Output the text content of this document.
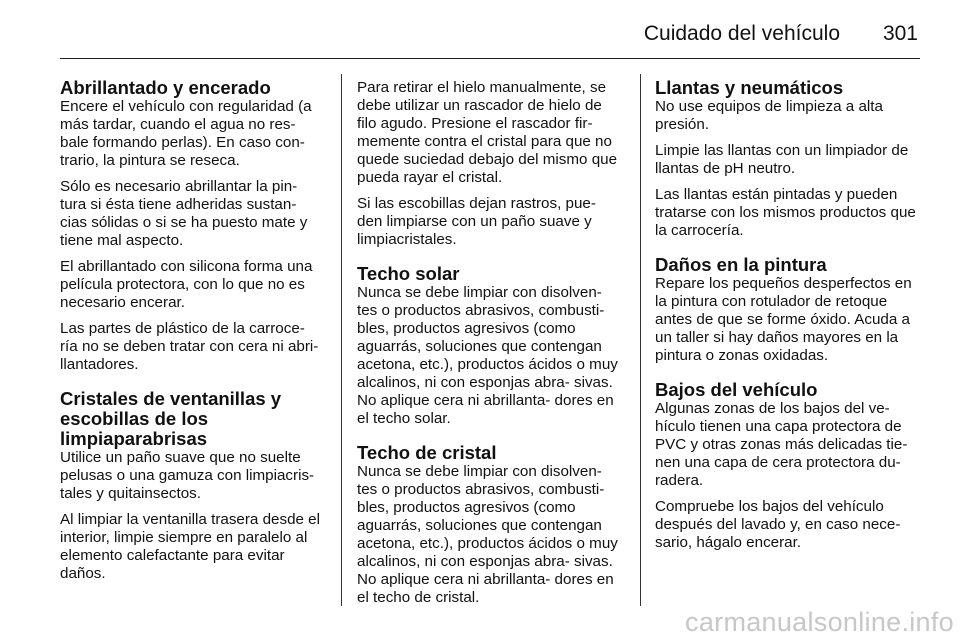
Cuidado del vehículo 301
Abrillantado y encerado

Encere el vehículo con regularidad (a más tardar, cuando el agua no res- bale formando perlas). En caso con- trario, la pintura se reseca.

Sólo es necesario abrillantar la pin- tura si ésta tiene adheridas sustan- cias sólidas o si se ha puesto mate y tiene mal aspecto.

El abrillantado con silicona forma una película protectora, con lo que no es necesario encerar.

Las partes de plástico de la carroce- ría no se deben tratar con cera ni abri- llantadores.

Cristales de ventanillas y escobillas de los limpiaparabrisas

Utilice un paño suave que no suelte pelusas o una gamuza con limpiacris- tales y quitainsectos.

Al limpiar la ventanilla trasera desde el interior, limpie siempre en paralelo al elemento calefactante para evitar daños.

Para retirar el hielo manualmente, se debe utilizar un rascador de hielo de filo agudo. Presione el rascador fir- memente contra el cristal para que no quede suciedad debajo del mismo que pueda rayar el cristal.

Si las escobillas dejan rastros, pue- den limpiarse con un paño suave y limpiacristales.

Techo solar

Nunca se debe limpiar con disolven- tes o productos abrasivos, combusti- bles, productos agresivos (como aguarrás, soluciones que contengan acetona, etc.), productos ácidos o muy alcalinos, ni con esponjas abra- sivas. No aplique cera ni abrillanta- dores en el techo solar.

Techo de cristal

Nunca se debe limpiar con disolven- tes o productos abrasivos, combusti- bles, productos agresivos (como aguarrás, soluciones que contengan acetona, etc.), productos ácidos o muy alcalinos, ni con esponjas abra- sivas. No aplique cera ni abrillanta- dores en el techo de cristal.

Llantas y neumáticos

No use equipos de limpieza a alta presión.

Limpie las llantas con un limpiador de llantas de pH neutro.

Las llantas están pintadas y pueden tratarse con los mismos productos que la carrocería.

Daños en la pintura

Repare los pequeños desperfectos en la pintura con rotulador de retoque antes de que se forme óxido. Acuda a un taller si hay daños mayores en la pintura o zonas oxidadas.

Bajos del vehículo

Algunas zonas de los bajos del ve- hículo tienen una capa protectora de PVC y otras zonas más delicadas tie- nen una capa de cera protectora du- radera.

Compruebe los bajos del vehículo después del lavado y, en caso nece- sario, hágalo encerar.

carmanualsonline.info
